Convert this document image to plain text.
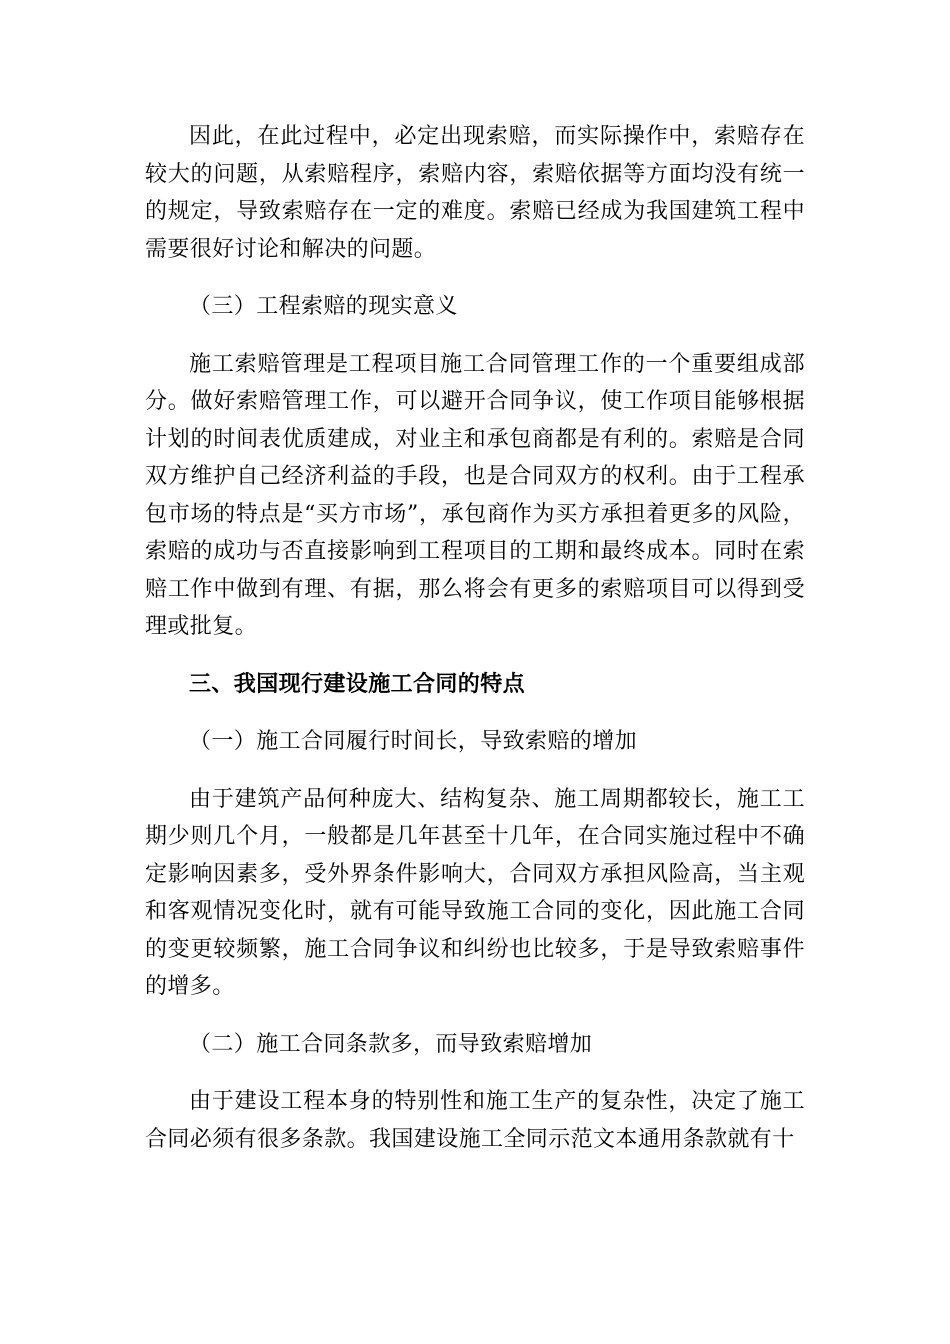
因此，在此过程中，必定出现索赔，而实际操作中，索赔存在较大的问题，从索赔程序，索赔内容，索赔依据等方面均没有统一的规定，导致索赔存在一定的难度。索赔已经成为我国建筑工程中需要很好讨论和解决的问题。

（三）工程索赔的现实意义

施工索赔管理是工程项目施工合同管理工作的一个重要组成部分。做好索赔管理工作，可以避开合同争议，使工作项目能够根据计划的时间表优质建成，对业主和承包商都是有利的。索赔是合同双方维护自己经济利益的手段，也是合同双方的权利。由于工程承包市场的特点是“买方市场”，承包商作为买方承担着更多的风险，索赔的成功与否直接影响到工程项目的工期和最终成本。同时在索赔工作中做到有理、有据，那么将会有更多的索赔项目可以得到受理或批复。

三、我国现行建设施工合同的特点

（一）施工合同履行时间长，导致索赔的增加

由于建筑产品何种庞大、结构复杂、施工周期都较长，施工工期少则几个月，一般都是几年甚至十几年，在合同实施过程中不确定影响因素多，受外界条件影响大，合同双方承担风险高，当主观和客观情况变化时，就有可能导致施工合同的变化，因此施工合同的变更较频繁，施工合同争议和纠纷也比较多，于是导致索赔事件的增多。

（二）施工合同条款多，而导致索赔增加

由于建设工程本身的特别性和施工生产的复杂性，决定了施工合同必须有很多条款。我国建设施工全同示范文本通用条款就有十
